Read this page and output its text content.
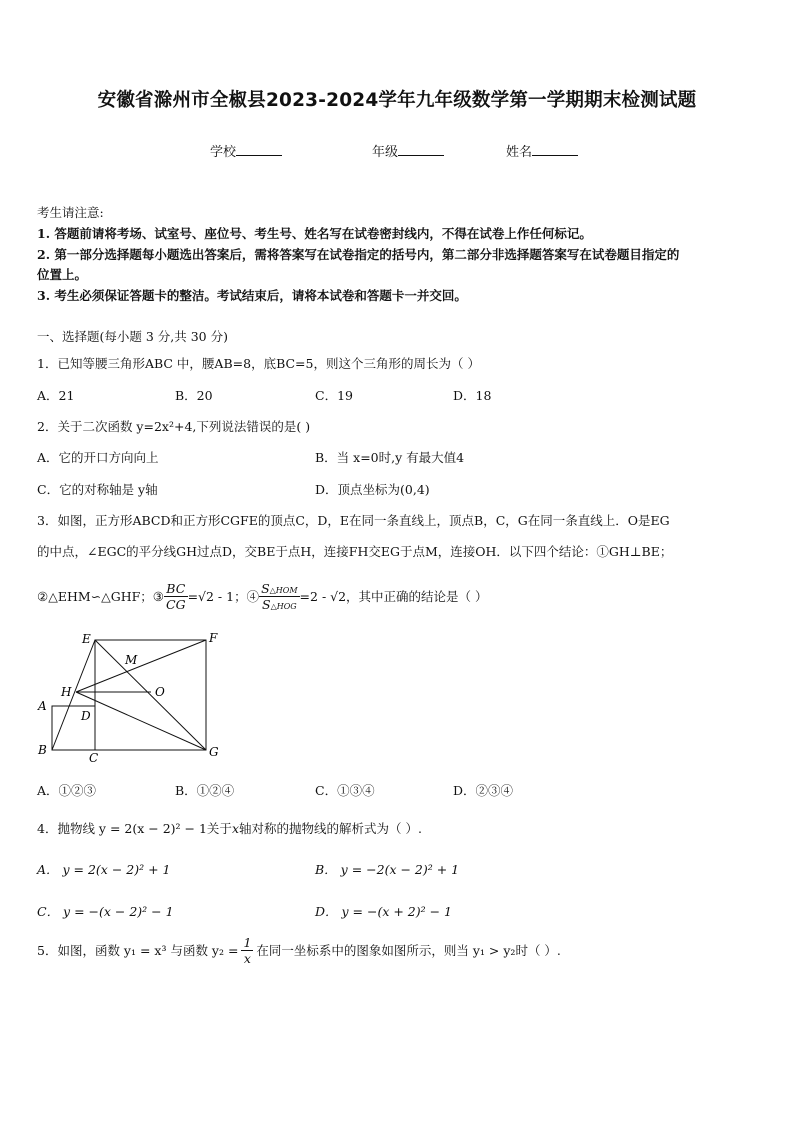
安徽省滁州市全椒县2023-2024学年九年级数学第一学期期末检测试题
学校	年级	姓名
考生请注意:
1. 答题前请将考场、试室号、座位号、考生号、姓名写在试卷密封线内，不得在试卷上作任何标记。
2. 第一部分选择题每小题选出答案后，需将答案写在试卷指定的括号内，第二部分非选择题答案写在试卷题目指定的
位置上。
3. 考生必须保证答题卡的整洁。考试结束后，请将本试卷和答题卡一并交回。
一、选择题(每小题 3 分,共 30 分)
1．已知等腰三角形ABC 中，腰AB=8，底BC=5，则这个三角形的周长为（ ）
A．21	B．20	C．19	D．18
2．关于二次函数 y=2x²+4,下列说法错误的是( )
A．它的开口方向向上	B．当 x=0时,y 有最大值4
C．它的对称轴是 y轴	D．顶点坐标为(0,4)
3．如图，正方形ABCD和正方形CGFE的顶点C，D，E在同一条直线上，顶点B，C，G在同一条直线上．O是EG
的中点，∠EGC的平分线GH过点D，交BE于点H，连接FH交EG于点M，连接OH．以下四个结论：①GH⊥BE；
②△EHM∽△GHF；③ $\frac{BC}{CG} =√2 - 1$；④ $\frac{\text{S△HOM}}{\text{S△HOG}} =2 - √2$，其中正确的结论是（ ）
E	F
M
H	O
A
D
B
C	G
A．①②③	B．①②④	C．①③④	D．②③④
4．抛物线 y = 2(x − 2)² − 1关于x轴对称的抛物线的解析式为（ ）.
A． y = 2(x − 2)² + 1	B． y = −2(x − 2)² + 1
C． y = −(x − 2)² − 1	D． y = −(x + 2)² − 1
5．如图，函数 y₁ = x³ 与函数 $y_2 = \frac{1}{x}$ 在同一坐标系中的图象如图所示，则当 y₁ > y₂时（ ）.
